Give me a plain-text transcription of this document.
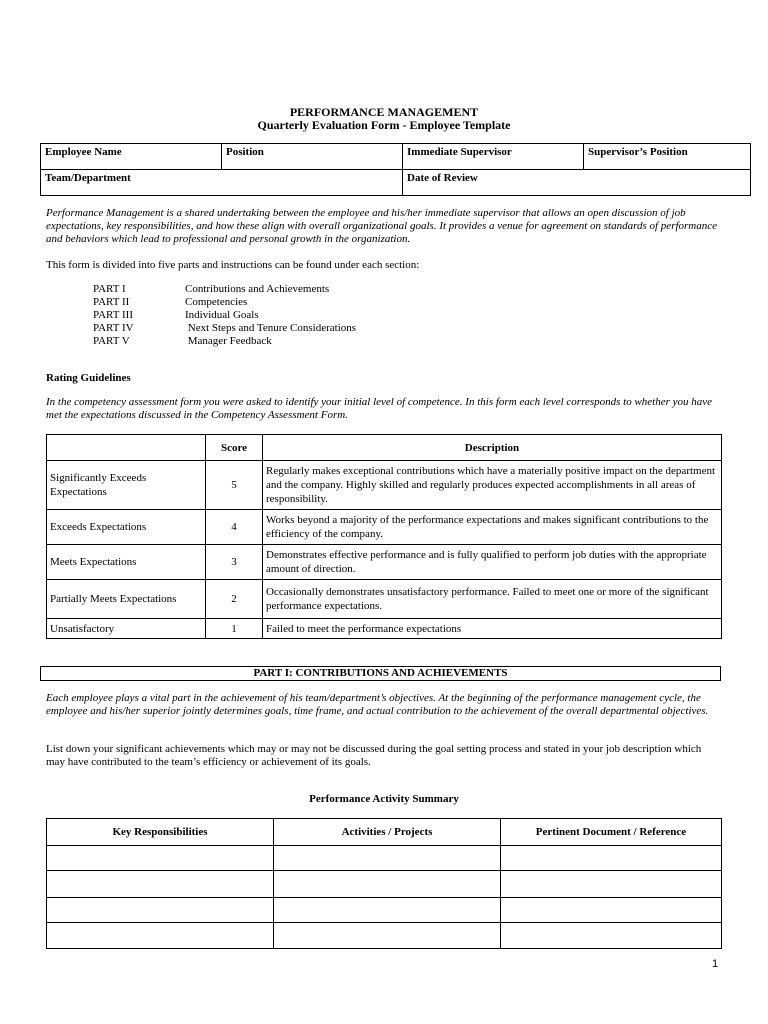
PERFORMANCE MANAGEMENT
Quarterly Evaluation Form - Employee Template
Employee Name	Position	Immediate Supervisor	Supervisor’s Position
Team/Department		Date of Review	

Performance Management is a shared undertaking between the employee and his/her immediate supervisor that allows an open discussion of job expectations, key responsibilities, and how these align with overall organizational goals. It provides a venue for agreement on standards of performance and behaviors which lead to professional and personal growth in the organization.

This form is divided into five parts and instructions can be found under each section:

PART I	Contributions and Achievements
PART II	Competencies
PART III	Individual Goals
PART IV	Next Steps and Tenure Considerations
PART V	Manager Feedback
Rating Guidelines

In the competency assessment form you were asked to identify your initial level of competence. In this form each level corresponds to whether you have met the expectations discussed in the Competency Assessment Form.

	Score	Description
Significantly Exceeds Expectations	5	Regularly makes exceptional contributions which have a materially positive impact on the department and the company. Highly skilled and regularly produces expected accomplishments in all areas of responsibility.
Exceeds Expectations	4	Works beyond a majority of the performance expectations and makes significant contributions to the efficiency of the company.
Meets Expectations	3	Demonstrates effective performance and is fully qualified to perform job duties with the appropriate amount of direction.
Partially Meets Expectations	2	Occasionally demonstrates unsatisfactory performance. Failed to meet one or more of the significant performance expectations.
Unsatisfactory	1	Failed to meet the performance expectations
PART I: CONTRIBUTIONS AND ACHIEVEMENTS

Each employee plays a vital part in the achievement of his team/department’s objectives. At the beginning of the performance management cycle, the employee and his/her superior jointly determines goals, time frame, and actual contribution to the achievement of the overall departmental objectives.

List down your significant achievements which may or may not be discussed during the goal setting process and stated in your job description which may have contributed to the team’s efficiency or achievement of its goals.

Performance Activity Summary
Key Responsibilities	Activities / Projects	Pertinent Document / Reference

1
